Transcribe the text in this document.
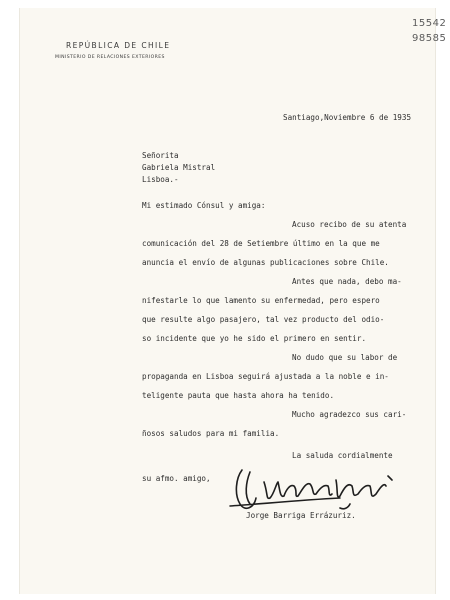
15542
98585
REPÚBLICA DE CHILE
MINISTERIO DE RELACIONES EXTERIORES
Santiago,Noviembre 6 de 1935
Señorita
Gabriela Mistral
Lisboa.-
Mi estimado Cónsul y amiga:
Acuso recibo de su atenta
comunicación del 28 de Setiembre último en la que me
anuncia el envío de algunas publicaciones sobre Chile.
Antes que nada, debo ma-
nifestarle lo que lamento su enfermedad, pero espero
que resulte algo pasajero, tal vez producto del odio-
so incidente que yo he sido el primero en sentir.
No dudo que su labor de
propaganda en Lisboa seguirá ajustada a la noble e in-
teligente pauta que hasta ahora ha tenido.
Mucho agradezco sus cari-
ñosos saludos para mi familia.
La saluda cordialmente
su afmo. amigo,
Jorge Barriga Errázuriz.
